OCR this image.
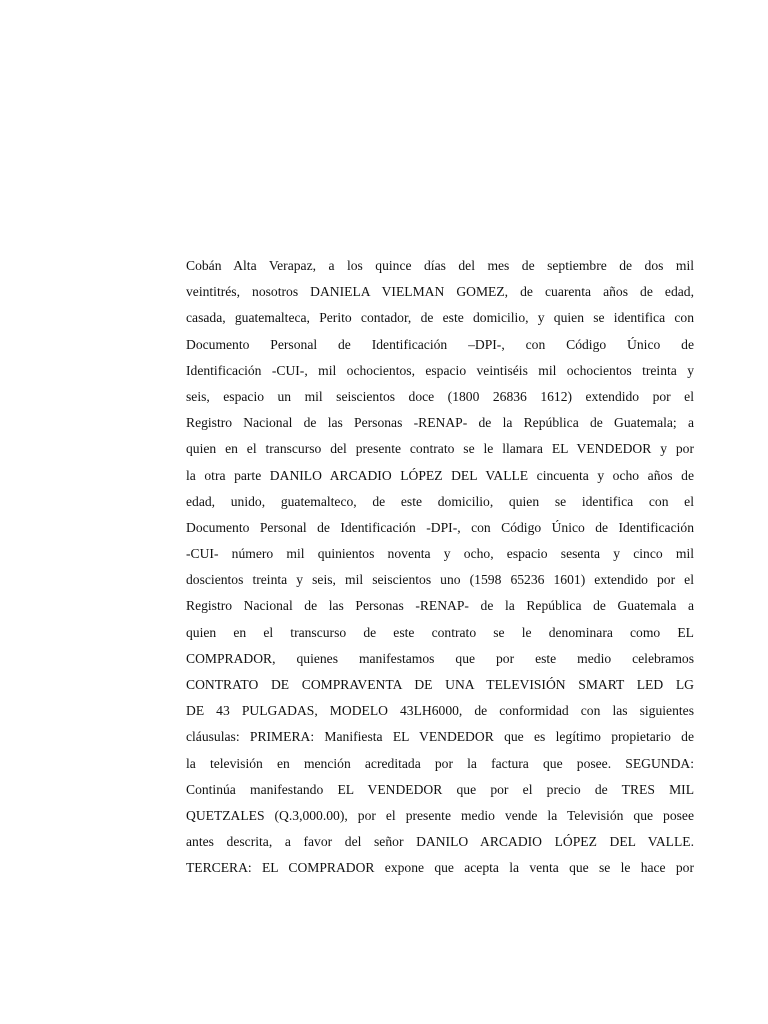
Cobán Alta Verapaz, a los quince días del mes de septiembre de dos mil
veintitrés, nosotros DANIELA VIELMAN GOMEZ, de cuarenta años de edad,
casada, guatemalteca, Perito contador, de este domicilio, y quien se identifica con
Documento Personal de Identificación –DPI-, con Código Único de
Identificación -CUI-, mil ochocientos, espacio veintiséis mil ochocientos treinta y
seis, espacio un mil seiscientos doce (1800 26836 1612) extendido por el
Registro Nacional de las Personas -RENAP- de la República de Guatemala; a
quien en el transcurso del presente contrato se le llamara EL VENDEDOR y por
la otra parte DANILO ARCADIO LÓPEZ DEL VALLE cincuenta y ocho años de
edad, unido, guatemalteco, de este domicilio, quien se identifica con el
Documento Personal de Identificación -DPI-, con Código Único de Identificación
-CUI- número mil quinientos noventa y ocho, espacio sesenta y cinco mil
doscientos treinta y seis, mil seiscientos uno (1598 65236 1601) extendido por el
Registro Nacional de las Personas -RENAP- de la República de Guatemala a
quien en el transcurso de este contrato se le denominara como EL
COMPRADOR, quienes manifestamos que por este medio celebramos
CONTRATO DE COMPRAVENTA DE UNA TELEVISIÓN SMART LED LG
DE 43 PULGADAS, MODELO 43LH6000, de conformidad con las siguientes
cláusulas: PRIMERA: Manifiesta EL VENDEDOR que es legítimo propietario de
la televisión en mención acreditada por la factura que posee. SEGUNDA:
Continúa manifestando EL VENDEDOR que por el precio de TRES MIL
QUETZALES (Q.3,000.00), por el presente medio vende la Televisión que posee
antes descrita, a favor del señor DANILO ARCADIO LÓPEZ DEL VALLE.
TERCERA: EL COMPRADOR expone que acepta la venta que se le hace por
